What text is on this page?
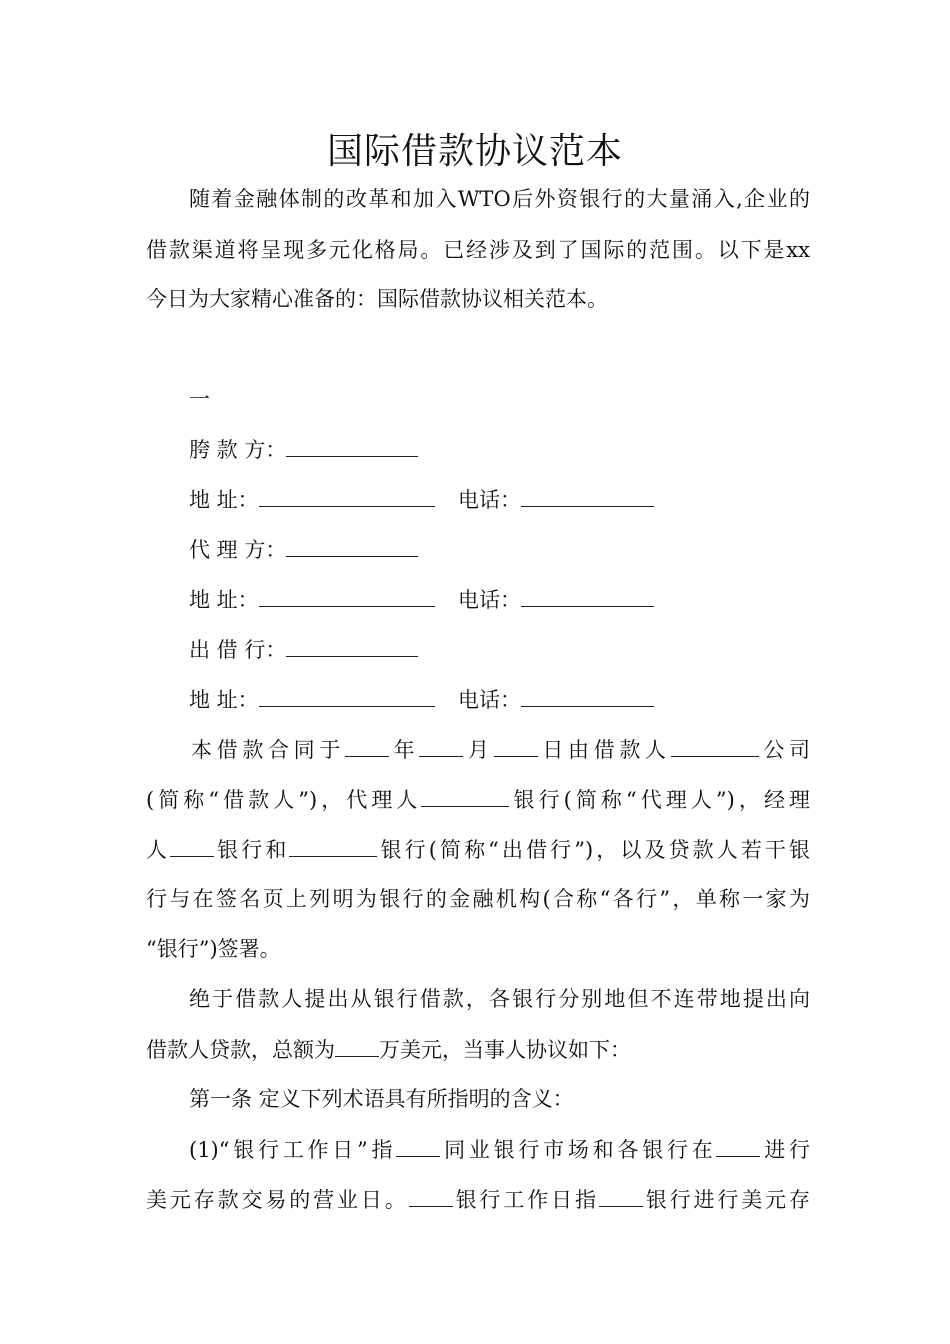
国际借款协议范本
随着金融体制的改革和加入WTO后外资银行的大量涌入,企业的
借款渠道将呈现多元化格局。已经涉及到了国际的范围。以下是xx
今日为大家精心准备的：国际借款协议相关范本。
一
胯 款 方：
地 址：	电话：
代 理 方：
地 址：	电话：
出 借 行：
地 址：	电话：
本借款合同于 年 月 日由借款人	公司
(简称“借款人”)，代理人	银行(简称“代理人”)，经理
人 银行和	银行(简称“出借行”)，以及贷款人若干银
行与在签名页上列明为银行的金融机构(合称“各行”，单称一家为
“银行”)签署。
绝于借款人提出从银行借款，各银行分别地但不连带地提出向
借款人贷款，总额为 万美元，当事人协议如下：
第一条 定义下列术语具有所指明的含义：
(1)“银行工作日”指 同业银行市场和各银行在 进行
美元存款交易的营业日。 银行工作日指 银行进行美元存
